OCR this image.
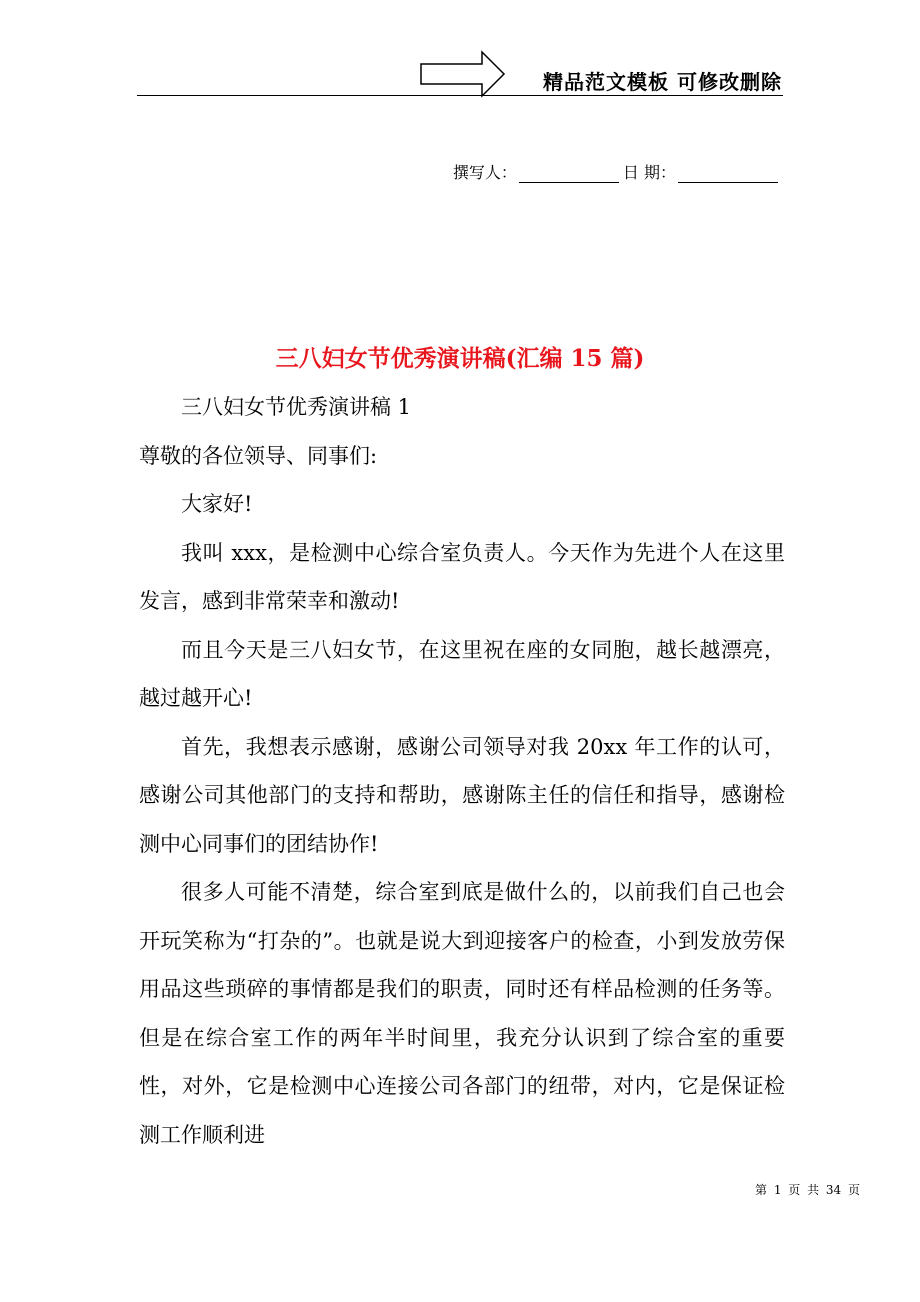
精品范文模板 可修改删除
撰写人：	日 期：
三八妇女节优秀演讲稿(汇编 15 篇)

三八妇女节优秀演讲稿 1

尊敬的各位领导、同事们:

大家好!

我叫 xxx，是检测中心综合室负责人。今天作为先进个人在这里发言，感到非常荣幸和激动!

而且今天是三八妇女节，在这里祝在座的女同胞，越长越漂亮，越过越开心!

首先，我想表示感谢，感谢公司领导对我 20xx 年工作的认可，感谢公司其他部门的支持和帮助，感谢陈主任的信任和指导，感谢检测中心同事们的团结协作!

很多人可能不清楚，综合室到底是做什么的，以前我们自己也会开玩笑称为“打杂的”。也就是说大到迎接客户的检查，小到发放劳保用品这些琐碎的事情都是我们的职责，同时还有样品检测的任务等。但是在综合室工作的两年半时间里，我充分认识到了综合室的重要性，对外，它是检测中心连接公司各部门的纽带，对内，它是保证检测工作顺利进

第 1 页 共 34 页
